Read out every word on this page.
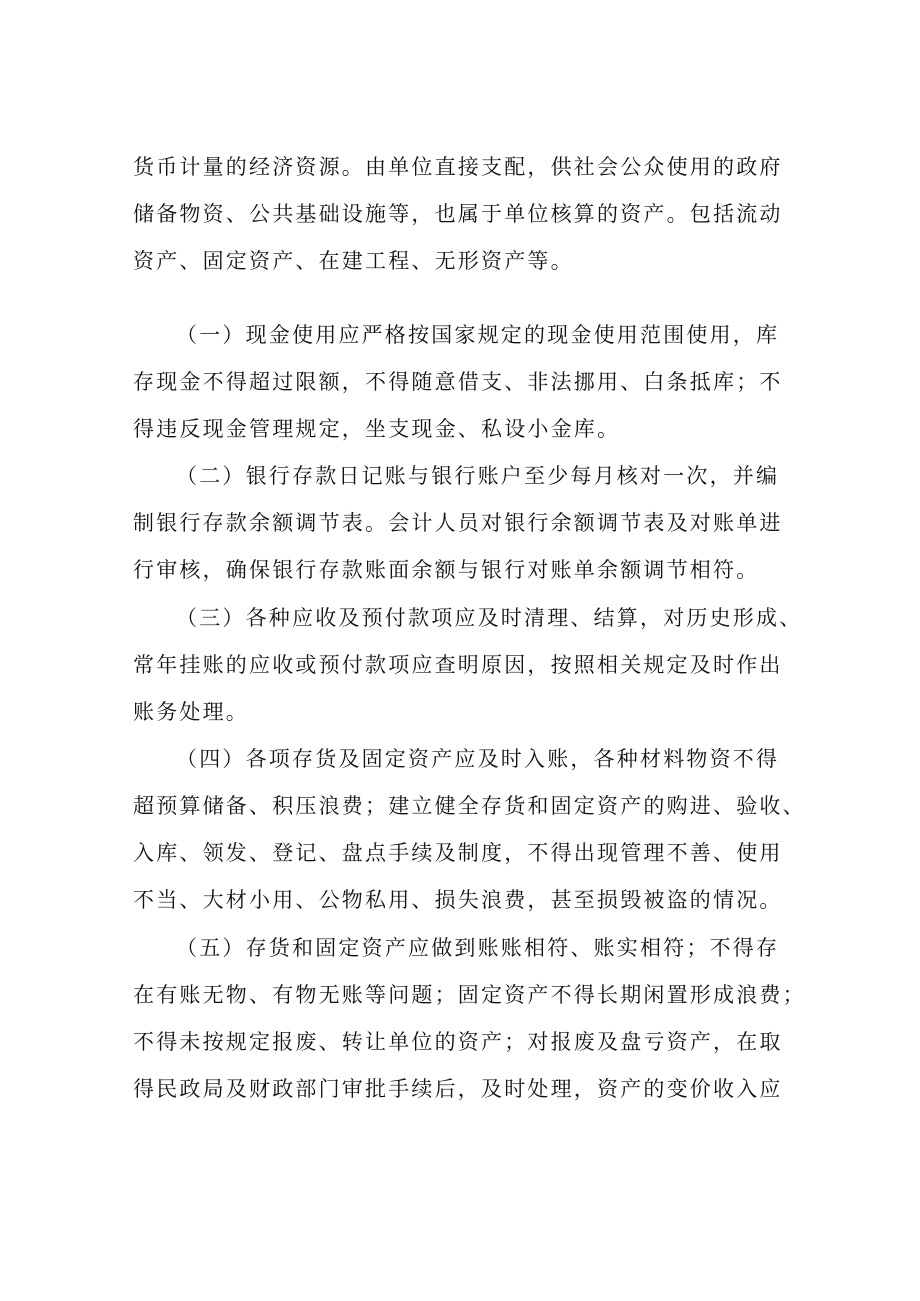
货币计量的经济资源。由单位直接支配，供社会公众使用的政府
储备物资、公共基础设施等，也属于单位核算的资产。包括流动
资产、固定资产、在建工程、无形资产等。
（一）现金使用应严格按国家规定的现金使用范围使用，库
存现金不得超过限额，不得随意借支、非法挪用、白条抵库；不
得违反现金管理规定，坐支现金、私设小金库。
（二）银行存款日记账与银行账户至少每月核对一次，并编
制银行存款余额调节表。会计人员对银行余额调节表及对账单进
行审核，确保银行存款账面余额与银行对账单余额调节相符。
（三）各种应收及预付款项应及时清理、结算，对历史形成、
常年挂账的应收或预付款项应查明原因，按照相关规定及时作出
账务处理。
（四）各项存货及固定资产应及时入账，各种材料物资不得
超预算储备、积压浪费；建立健全存货和固定资产的购进、验收、
入库、领发、登记、盘点手续及制度，不得出现管理不善、使用
不当、大材小用、公物私用、损失浪费，甚至损毁被盗的情况。
（五）存货和固定资产应做到账账相符、账实相符；不得存
在有账无物、有物无账等问题；固定资产不得长期闲置形成浪费；
不得未按规定报废、转让单位的资产；对报废及盘亏资产，在取
得民政局及财政部门审批手续后，及时处理，资产的变价收入应
